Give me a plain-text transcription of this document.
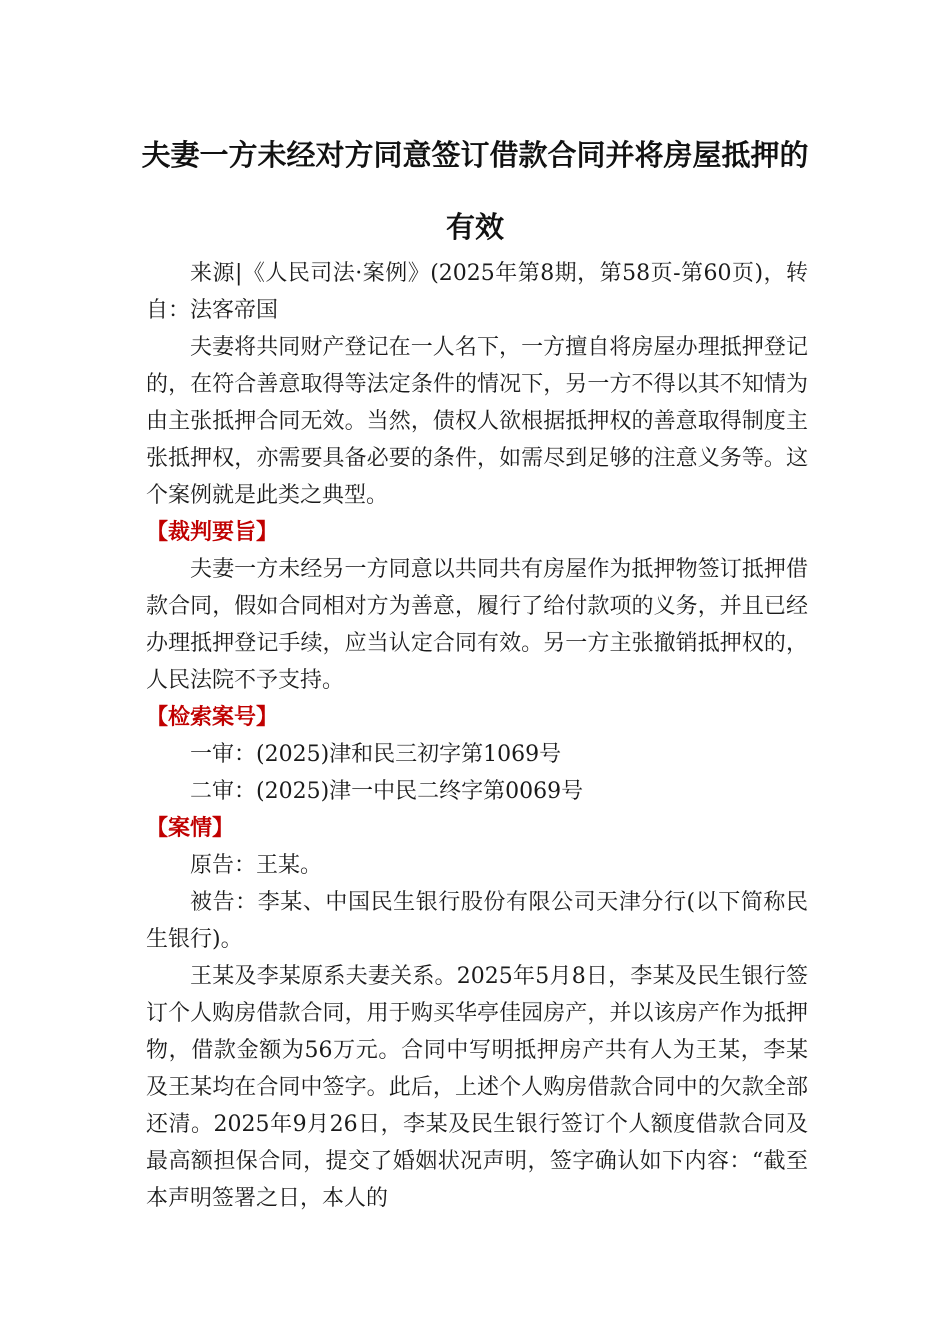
夫妻一方未经对方同意签订借款合同并将房屋抵押的
有效

来源|《人民司法·案例》(2025年第8期，第58页-第60页)，转自：法客帝国

夫妻将共同财产登记在一人名下，一方擅自将房屋办理抵押登记的，在符合善意取得等法定条件的情况下，另一方不得以其不知情为由主张抵押合同无效。当然，债权人欲根据抵押权的善意取得制度主张抵押权，亦需要具备必要的条件，如需尽到足够的注意义务等。这个案例就是此类之典型。

【裁判要旨】

夫妻一方未经另一方同意以共同共有房屋作为抵押物签订抵押借款合同，假如合同相对方为善意，履行了给付款项的义务，并且已经办理抵押登记手续，应当认定合同有效。另一方主张撤销抵押权的，人民法院不予支持。

【检索案号】

一审：(2025)津和民三初字第1069号

二审：(2025)津一中民二终字第0069号

【案情】

原告：王某。

被告：李某、中国民生银行股份有限公司天津分行(以下简称民生银行)。

王某及李某原系夫妻关系。2025年5月8日，李某及民生银行签订个人购房借款合同，用于购买华亭佳园房产，并以该房产作为抵押物，借款金额为56万元。合同中写明抵押房产共有人为王某，李某及王某均在合同中签字。此后，上述个人购房借款合同中的欠款全部还清。2025年9月26日，李某及民生银行签订个人额度借款合同及最高额担保合同，提交了婚姻状况声明，签字确认如下内容：“截至本声明签署之日，本人的
